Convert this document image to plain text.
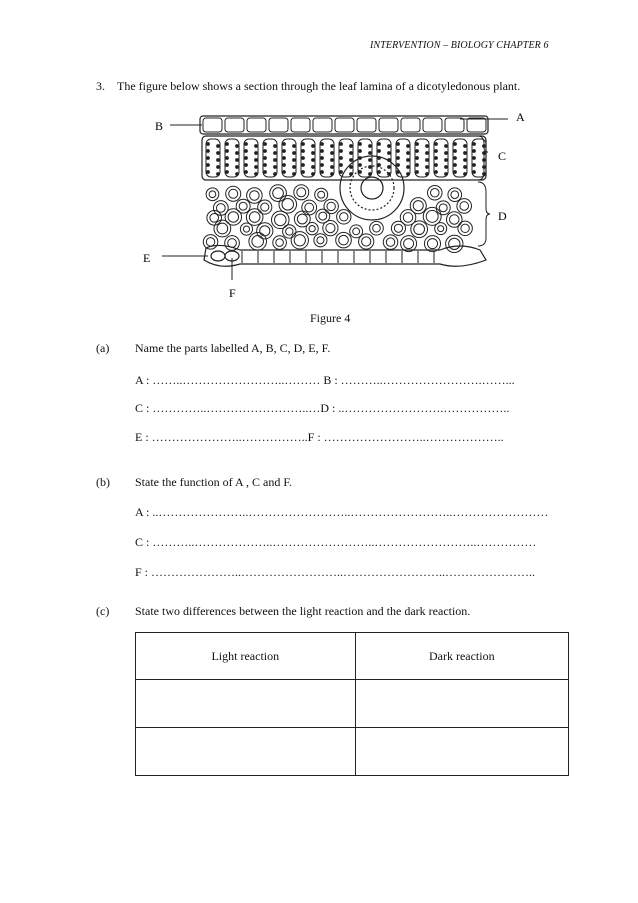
INTERVENTION – BIOLOGY CHAPTER 6
3. The figure below shows a section through the leaf lamina of a dicotyledonous plant.
B
A
C
D
E
F
Figure 4
(a) Name the parts labelled A, B, C, D, E, F.
A : ……..……………………..……… B : ………..…………………….……...
C : …………..……………………..…D : ..…………………….……………..
E : …………………..……………..F : ……………………..………………..
(b) State the function of A , C and F.
A : ..…………………..……………………..……………………..……………………
C : ………..………………..……………………..……………………..……………
F : …………………..……………………..……………………..…………………..
(c) State two differences between the light reaction and the dark reaction.
Light reaction	Dark reaction
